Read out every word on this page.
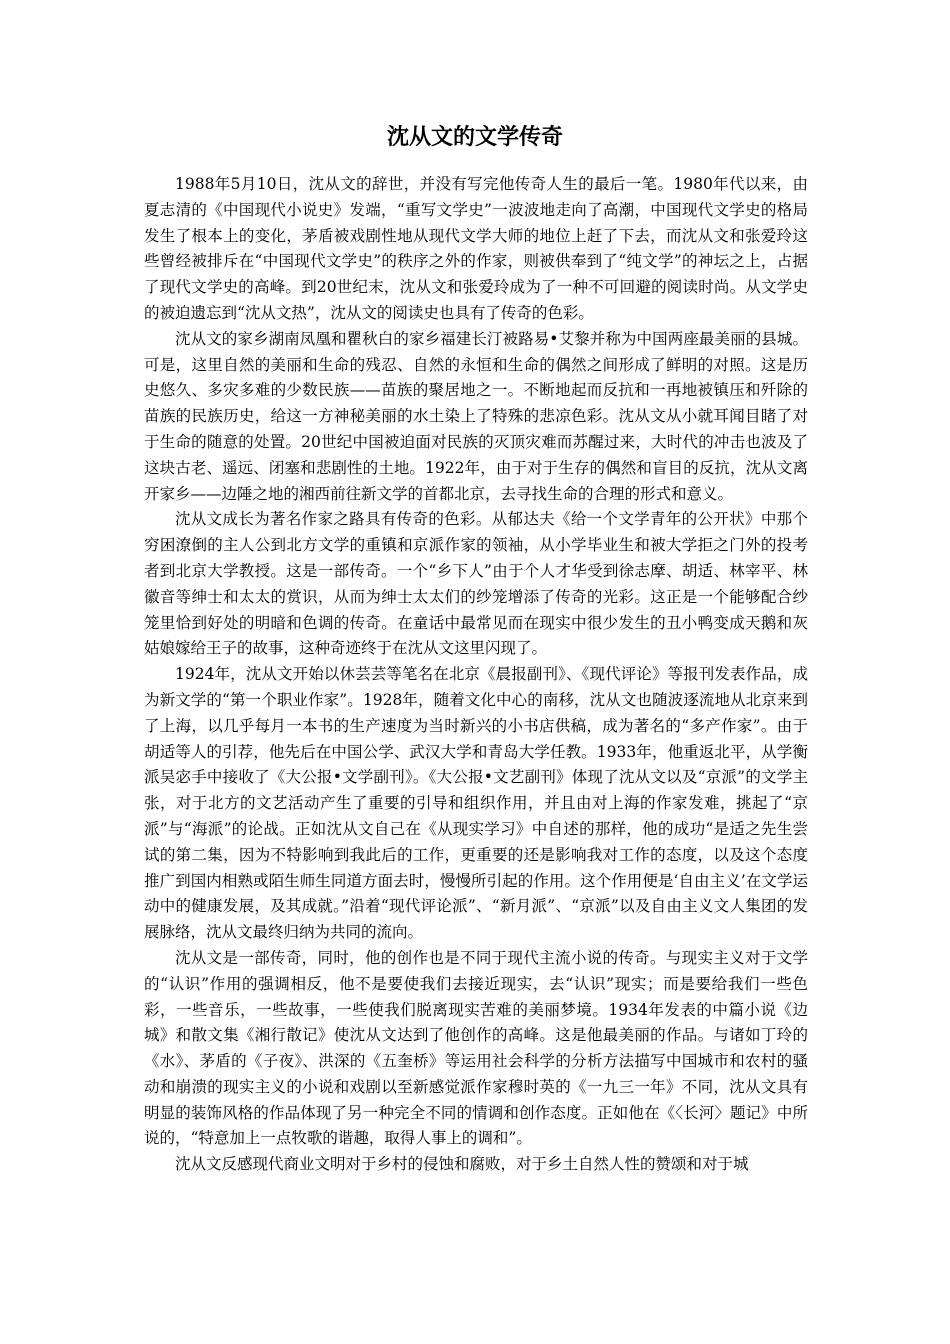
沈从文的文学传奇

1988年5月10日，沈从文的辞世，并没有写完他传奇人生的最后一笔。1980年代以来，由夏志清的《中国现代小说史》发端，“重写文学史”一波波地走向了高潮，中国现代文学史的格局发生了根本上的变化，茅盾被戏剧性地从现代文学大师的地位上赶了下去，而沈从文和张爱玲这些曾经被排斥在“中国现代文学史”的秩序之外的作家，则被供奉到了“纯文学”的神坛之上，占据了现代文学史的高峰。到20世纪末，沈从文和张爱玲成为了一种不可回避的阅读时尚。从文学史的被迫遗忘到“沈从文热”，沈从文的阅读史也具有了传奇的色彩。

沈从文的家乡湖南凤凰和瞿秋白的家乡福建长汀被路易•艾黎并称为中国两座最美丽的县城。可是，这里自然的美丽和生命的残忍、自然的永恒和生命的偶然之间形成了鲜明的对照。这是历史悠久、多灾多难的少数民族——苗族的聚居地之一。不断地起而反抗和一再地被镇压和歼除的苗族的民族历史，给这一方神秘美丽的水土染上了特殊的悲凉色彩。沈从文从小就耳闻目睹了对于生命的随意的处置。20世纪中国被迫面对民族的灭顶灾难而苏醒过来，大时代的冲击也波及了这块古老、遥远、闭塞和悲剧性的土地。1922年，由于对于生存的偶然和盲目的反抗，沈从文离开家乡——边陲之地的湘西前往新文学的首都北京，去寻找生命的合理的形式和意义。

沈从文成长为著名作家之路具有传奇的色彩。从郁达夫《给一个文学青年的公开状》中那个穷困潦倒的主人公到北方文学的重镇和京派作家的领袖，从小学毕业生和被大学拒之门外的投考者到北京大学教授。这是一部传奇。一个“乡下人”由于个人才华受到徐志摩、胡适、林宰平、林徽音等绅士和太太的赏识，从而为绅士太太们的纱笼增添了传奇的光彩。这正是一个能够配合纱笼里恰到好处的明暗和色调的传奇。在童话中最常见而在现实中很少发生的丑小鸭变成天鹅和灰姑娘嫁给王子的故事，这种奇迹终于在沈从文这里闪现了。

1924年，沈从文开始以休芸芸等笔名在北京《晨报副刊》、《现代评论》等报刊发表作品，成为新文学的“第一个职业作家”。1928年，随着文化中心的南移，沈从文也随波逐流地从北京来到了上海，以几乎每月一本书的生产速度为当时新兴的小书店供稿，成为著名的“多产作家”。由于胡适等人的引荐，他先后在中国公学、武汉大学和青岛大学任教。1933年，他重返北平，从学衡派吴宓手中接收了《大公报•文学副刊》。《大公报•文艺副刊》体现了沈从文以及“京派”的文学主张，对于北方的文艺活动产生了重要的引导和组织作用，并且由对上海的作家发难，挑起了“京派”与“海派”的论战。正如沈从文自己在《从现实学习》中自述的那样，他的成功“是适之先生尝试的第二集，因为不特影响到我此后的工作，更重要的还是影响我对工作的态度，以及这个态度推广到国内相熟或陌生师生同道方面去时，慢慢所引起的作用。这个作用便是‘自由主义’在文学运动中的健康发展，及其成就。”沿着“现代评论派”、“新月派”、“京派”以及自由主义文人集团的发展脉络，沈从文最终归纳为共同的流向。

沈从文是一部传奇，同时，他的创作也是不同于现代主流小说的传奇。与现实主义对于文学的“认识”作用的强调相反，他不是要使我们去接近现实，去“认识”现实；而是要给我们一些色彩，一些音乐，一些故事，一些使我们脱离现实苦难的美丽梦境。1934年发表的中篇小说《边城》和散文集《湘行散记》使沈从文达到了他创作的高峰。这是他最美丽的作品。与诸如丁玲的《水》、茅盾的《子夜》、洪深的《五奎桥》等运用社会科学的分析方法描写中国城市和农村的骚动和崩溃的现实主义的小说和戏剧以至新感觉派作家穆时英的《一九三一年》不同，沈从文具有明显的装饰风格的作品体现了另一种完全不同的情调和创作态度。正如他在《〈长河〉题记》中所说的，“特意加上一点牧歌的谐趣，取得人事上的调和”。

沈从文反感现代商业文明对于乡村的侵蚀和腐败，对于乡土自然人性的赞颂和对于城
